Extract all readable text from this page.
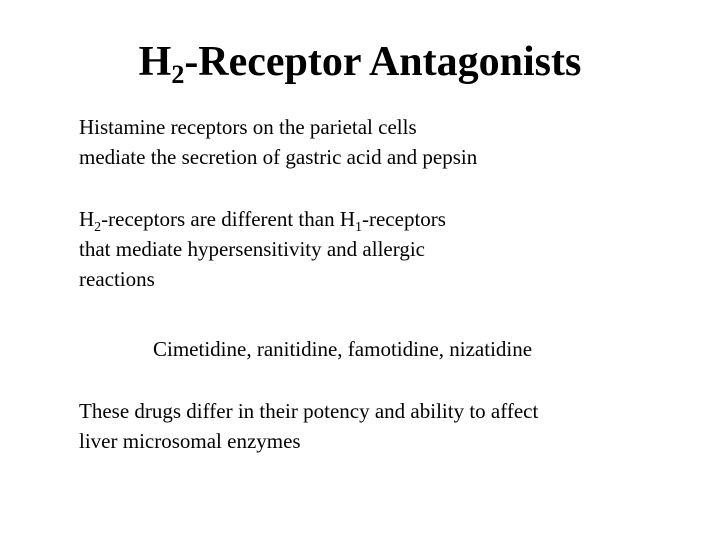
$H_2$-Receptor Antagonists
Histamine receptors on the parietal cells
mediate the secretion of gastric acid and pepsin
$H_2$-receptors are different than $H_1$-receptors
that mediate hypersensitivity and allergic
reactions
Cimetidine, ranitidine, famotidine, nizatidine
These drugs differ in their potency and ability to affect
liver microsomal enzymes
